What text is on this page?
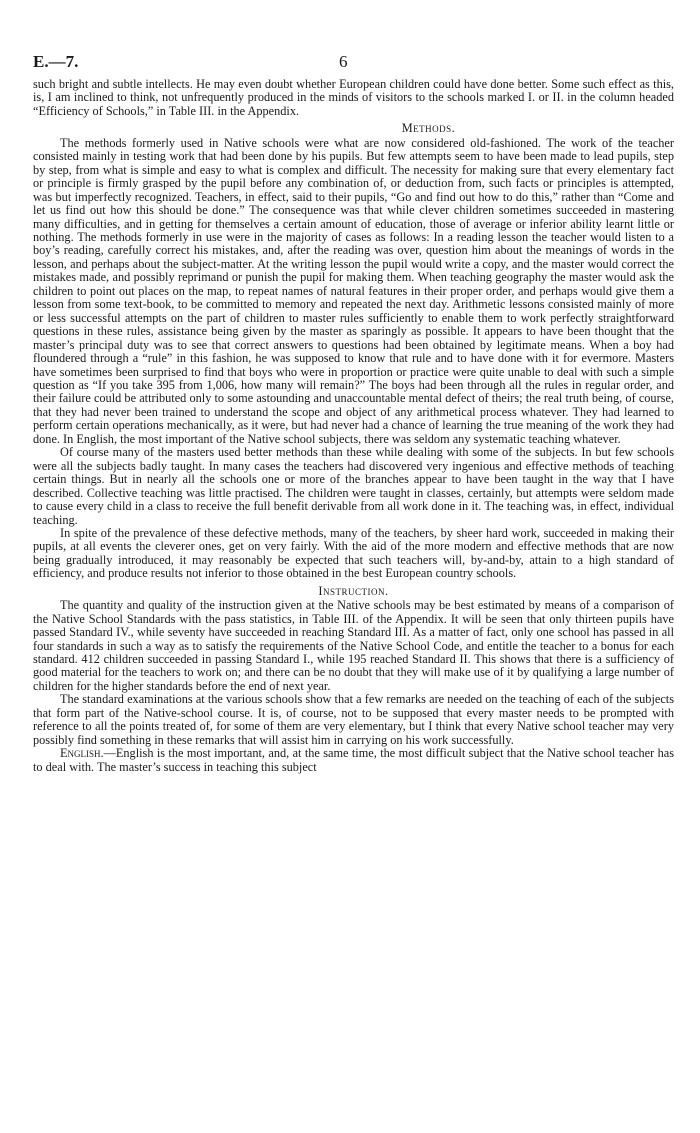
E.—7.	6

such bright and subtle intellects. He may even doubt whether European children could have done better. Some such effect as this, is, I am inclined to think, not unfrequently produced in the minds of visitors to the schools marked I. or II. in the column headed “Efficiency of Schools,” in Table III. in the Appendix.

Methods.

The methods formerly used in Native schools were what are now considered old-fashioned. The work of the teacher consisted mainly in testing work that had been done by his pupils. But few attempts seem to have been made to lead pupils, step by step, from what is simple and easy to what is complex and difficult. The necessity for making sure that every elementary fact or principle is firmly grasped by the pupil before any combination of, or deduction from, such facts or principles is attempted, was but imperfectly recognized. Teachers, in effect, said to their pupils, “Go and find out how to do this,” rather than “Come and let us find out how this should be done.” The consequence was that while clever children sometimes succeeded in mastering many difficulties, and in getting for themselves a certain amount of education, those of average or inferior ability learnt little or nothing. The methods formerly in use were in the majority of cases as follows: In a reading lesson the teacher would listen to a boy’s reading, carefully correct his mistakes, and, after the reading was over, question him about the meanings of words in the lesson, and perhaps about the subject-matter. At the writing lesson the pupil would write a copy, and the master would correct the mistakes made, and possibly reprimand or punish the pupil for making them. When teaching geography the master would ask the children to point out places on the map, to repeat names of natural features in their proper order, and perhaps would give them a lesson from some text-book, to be committed to memory and repeated the next day. Arithmetic lessons consisted mainly of more or less successful attempts on the part of children to master rules sufficiently to enable them to work perfectly straightforward questions in these rules, assistance being given by the master as sparingly as possible. It appears to have been thought that the master’s principal duty was to see that correct answers to questions had been obtained by legitimate means. When a boy had floundered through a “rule” in this fashion, he was supposed to know that rule and to have done with it for evermore. Masters have sometimes been surprised to find that boys who were in proportion or practice were quite unable to deal with such a simple question as “If you take 395 from 1,006, how many will remain?” The boys had been through all the rules in regular order, and their failure could be attributed only to some astounding and unaccountable mental defect of theirs; the real truth being, of course, that they had never been trained to understand the scope and object of any arithmetical process whatever. They had learned to perform certain operations mechanically, as it were, but had never had a chance of learning the true meaning of the work they had done. In English, the most important of the Native school subjects, there was seldom any systematic teaching whatever.

Of course many of the masters used better methods than these while dealing with some of the subjects. In but few schools were all the subjects badly taught. In many cases the teachers had discovered very ingenious and effective methods of teaching certain things. But in nearly all the schools one or more of the branches appear to have been taught in the way that I have described. Collective teaching was little practised. The children were taught in classes, certainly, but attempts were seldom made to cause every child in a class to receive the full benefit derivable from all work done in it. The teaching was, in effect, individual teaching.

In spite of the prevalence of these defective methods, many of the teachers, by sheer hard work, succeeded in making their pupils, at all events the cleverer ones, get on very fairly. With the aid of the more modern and effective methods that are now being gradually introduced, it may reasonably be expected that such teachers will, by-and-by, attain to a high standard of efficiency, and produce results not inferior to those obtained in the best European country schools.

Instruction.

The quantity and quality of the instruction given at the Native schools may be best estimated by means of a comparison of the Native School Standards with the pass statistics, in Table III. of the Appendix. It will be seen that only thirteen pupils have passed Standard IV., while seventy have succeeded in reaching Standard III. As a matter of fact, only one school has passed in all four standards in such a way as to satisfy the requirements of the Native School Code, and entitle the teacher to a bonus for each standard. 412 children succeeded in passing Standard I., while 195 reached Standard II. This shows that there is a sufficiency of good material for the teachers to work on; and there can be no doubt that they will make use of it by qualifying a large number of children for the higher standards before the end of next year.

The standard examinations at the various schools show that a few remarks are needed on the teaching of each of the subjects that form part of the Native-school course. It is, of course, not to be supposed that every master needs to be prompted with reference to all the points treated of, for some of them are very elementary, but I think that every Native school teacher may very possibly find something in these remarks that will assist him in carrying on his work successfully.

English.—English is the most important, and, at the same time, the most difficult subject that the Native school teacher has to deal with. The master’s success in teaching this subject
